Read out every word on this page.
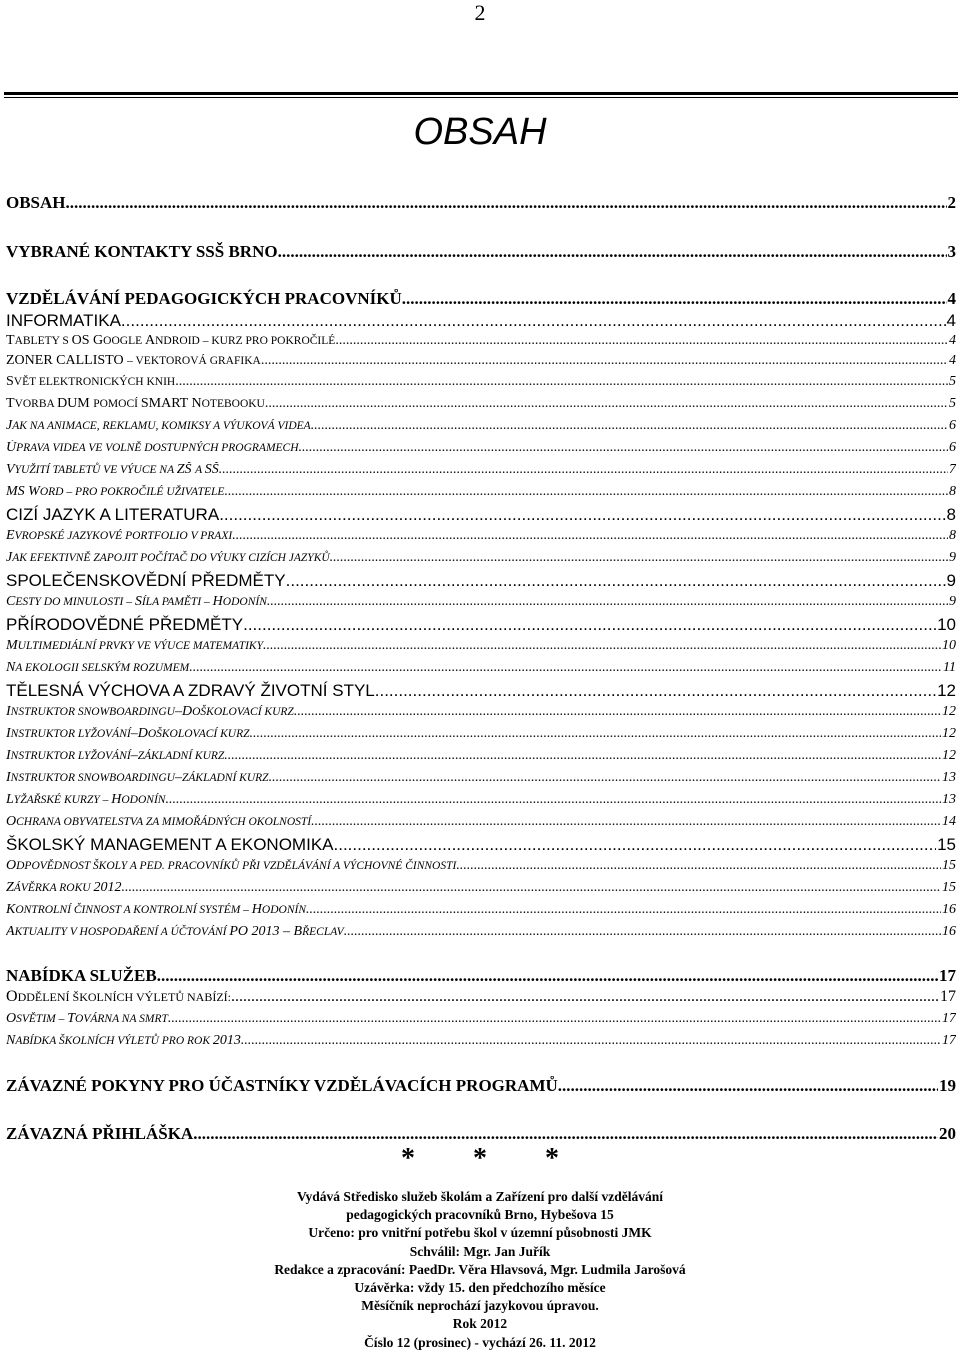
2
OBSAH
OBSAH .....	2
VYBRANÉ KONTAKTY SSŠ BRNO .....	3
VZDĚLÁVÁNÍ PEDAGOGICKÝCH PRACOVNÍKŮ .....	4
INFORMATIKA .....	4
TABLETY S OS GOOGLE ANDROID – KURZ PRO POKROČILÉ .....	4
ZONER CALLISTO – VEKTOROVÁ GRAFIKA .....	4
SVĚT ELEKTRONICKÝCH KNIH .....	5
TVORBA DUM POMOCÍ SMART NOTEBOOKU .....	5
JAK NA ANIMACE, REKLAMU, KOMIKSY A VÝUKOVÁ VIDEA .....	6
ÚPRAVA VIDEA VE VOLNĚ DOSTUPNÝCH PROGRAMECH .....	6
VYUŽITÍ TABLETŮ VE VÝUCE NA ZŠ A SŠ .....	7
MS WORD – PRO POKROČILÉ UŽIVATELE .....	8
CIZÍ JAZYK A LITERATURA .....	8
EVROPSKÉ JAZYKOVÉ PORTFOLIO V PRAXI .....	8
JAK EFEKTIVNĚ ZAPOJIT POČÍTAČ DO VÝUKY CIZÍCH JAZYKŮ .....	9
SPOLEČENSKOVĚDNÍ PŘEDMĚTY .....	9
CESTY DO MINULOSTI – SÍLA PAMĚTI – HODONÍN .....	9
PŘÍRODOVĚDNÉ PŘEDMĚTY .....	10
MULTIMEDIÁLNÍ PRVKY VE VÝUCE MATEMATIKY .....	10
NA EKOLOGII SELSKÝM ROZUMEM .....	11
TĚLESNÁ VÝCHOVA A ZDRAVÝ ŽIVOTNÍ STYL .....	12
INSTRUKTOR SNOWBOARDINGU–DOŠKOLOVACÍ KURZ .....	12
INSTRUKTOR LYŽOVÁNÍ–DOŠKOLOVACÍ KURZ .....	12
INSTRUKTOR LYŽOVÁNÍ–ZÁKLADNÍ KURZ .....	12
INSTRUKTOR SNOWBOARDINGU–ZÁKLADNÍ KURZ .....	13
LYŽAŘSKÉ KURZY – HODONÍN .....	13
OCHRANA OBYVATELSTVA ZA MIMOŘÁDNÝCH OKOLNOSTÍ .....	14
ŠKOLSKÝ MANAGEMENT A EKONOMIKA .....	15
ODPOVĚDNOST ŠKOLY A PED. PRACOVNÍKŮ PŘI VZDĚLÁVÁNÍ A VÝCHOVNÉ ČINNOSTI .....	15
ZÁVĚRKA ROKU 2012 .....	15
KONTROLNÍ ČINNOST A KONTROLNÍ SYSTÉM – HODONÍN .....	16
AKTUALITY V HOSPODAŘENÍ A ÚČTOVÁNÍ PO 2013 – BŘECLAV .....	16
NABÍDKA SLUŽEB .....	17
ODDĚLENÍ ŠKOLNÍCH VÝLETŮ NABÍZÍ: .....	17
OSVĚTIM – TOVÁRNA NA SMRT .....	17
NABÍDKA ŠKOLNÍCH VÝLETŮ PRO ROK 2013 .....	17
ZÁVAZNÉ POKYNY PRO ÚČASTNÍKY VZDĚLÁVACÍCH PROGRAMŮ .....	19
ZÁVAZNÁ PŘIHLÁŠKA .....	20
* * *
Vydává Středisko služeb školám a Zařízení pro další vzdělávání
pedagogických pracovníků Brno, Hybešova 15
Určeno: pro vnitřní potřebu škol v územní působnosti JMK
Schválil: Mgr. Jan Juřík
Redakce a zpracování: PaedDr. Věra Hlavsová, Mgr. Ludmila Jarošová
Uzávěrka: vždy 15. den předchozího měsíce
Měsíčník neprochází jazykovou úpravou.
Rok 2012
Číslo 12 (prosinec) - vychází 26. 11. 2012
